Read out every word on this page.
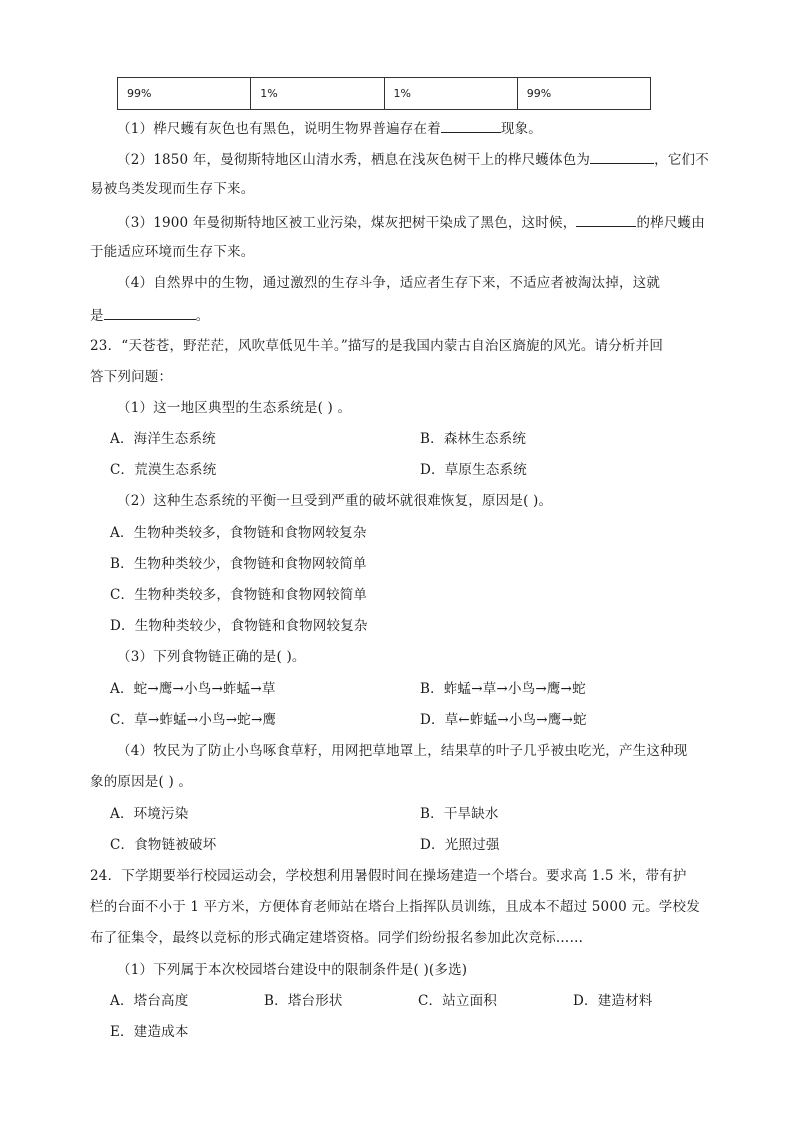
99%	1%	1%	99%
（1）桦尺蠖有灰色也有黑色，说明生物界普遍存在着	现象。
（2）1850 年，曼彻斯特地区山清水秀，栖息在浅灰色树干上的桦尺蠖体色为	，它们不
易被鸟类发现而生存下来。
（3）1900 年曼彻斯特地区被工业污染，煤灰把树干染成了黑色，这时候，	的桦尺蠖由
于能适应环境而生存下来。
（4）自然界中的生物，通过激烈的生存斗争，适应者生存下来，不适应者被淘汰掉，这就
是	。
23．“天苍苍，野茫茫，风吹草低见牛羊。”描写的是我国内蒙古自治区旖旎的风光。请分析并回
答下列问题：
（1）这一地区典型的生态系统是( ) 。
A．海洋生态系统	B．森林生态系统
C．荒漠生态系统	D．草原生态系统
（2）这种生态系统的平衡一旦受到严重的破坏就很难恢复，原因是( )。
A．生物种类较多，食物链和食物网较复杂
B．生物种类较少，食物链和食物网较简单
C．生物种类较多，食物链和食物网较简单
D．生物种类较少，食物链和食物网较复杂
（3）下列食物链正确的是( )。
A．蛇→鹰→小鸟→蚱蜢→草	B．蚱蜢→草→小鸟→鹰→蛇
C．草→蚱蜢→小鸟→蛇→鹰	D．草←蚱蜢→小鸟→鹰→蛇
（4）牧民为了防止小鸟啄食草籽，用网把草地罩上，结果草的叶子几乎被虫吃光，产生这种现
象的原因是( ) 。
A．环境污染	B．干旱缺水
C．食物链被破坏	D．光照过强
24．下学期要举行校园运动会，学校想利用暑假时间在操场建造一个塔台。要求高 1.5 米，带有护
栏的台面不小于 1 平方米，方便体育老师站在塔台上指挥队员训练，且成本不超过 5000 元。学校发
布了征集令，最终以竞标的形式确定建塔资格。同学们纷纷报名参加此次竞标……
（1）下列属于本次校园塔台建设中的限制条件是( )(多选)
A．塔台高度	B．塔台形状	C．站立面积	D．建造材料
E．建造成本
